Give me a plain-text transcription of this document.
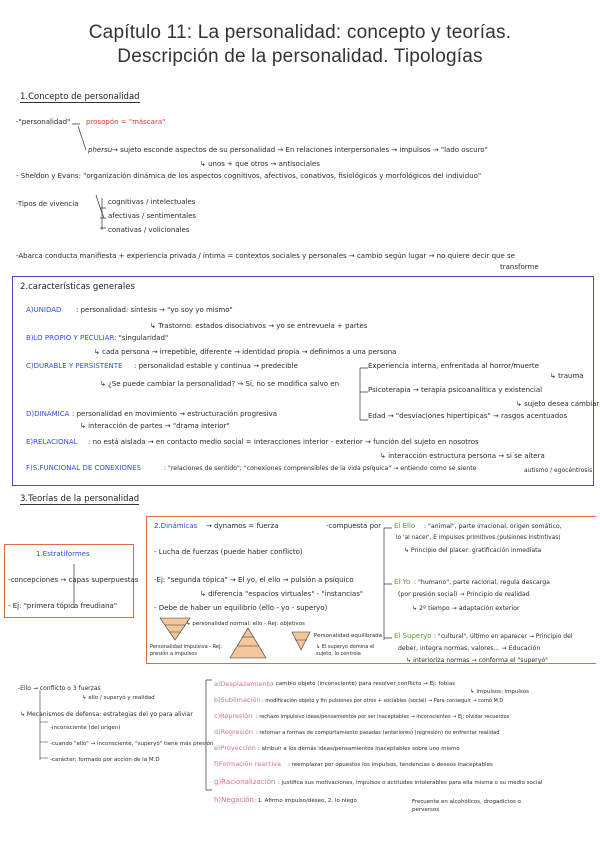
Capítulo 11: La personalidad: concepto y teorías.
Descripción de la personalidad. Tipologías
1.Concepto de personalidad
-"personalidad" prosopón = "máscara"
phersu → sujeto esconde aspectos de su personalidad → En relaciones interpersonales → impulsos → "lado oscuro"
↳ unos + que otros → antisociales
- Sheldon y Evans: "organización dinámica de los aspectos cognitivos, afectivos, conativos, fisiológicos y morfológicos del individuo"
-Tipos de vivencia	cognitivas / intelectuales
afectivas / sentimentales
conativas / volicionales
-Abarca conducta manifiesta + experiencia privada / íntima = contextos sociales y personales → cambio según lugar → no quiere decir que se
transforme
2.características generales
A)UNIDAD : personalidad: síntesis → "yo soy yo mismo"
↳ Trastorno: estados disociativos → yo se entrevuela + partes
B)LO PROPIO Y PECULIAR : "singularidad"
↳ cada persona → irrepetible, diferente → identidad propia → definimos a una persona
C)DURABLE Y PERSISTENTE : personalidad estable y continua → predecible
↳ ¿Se puede cambiar la personalidad? → Sí, no se modifica salvo en
Experiencia interna, enfrentada al horror/muerte
↳ trauma
Psicoterapia → terapia psicoanalítica y existencial
↳ sujeto desea cambiar
Edad → "desviaciones hipertípicas" → rasgos acentuados
D)DINÁMICA : personalidad en movimiento → estructuración progresiva
↳ interacción de partes → "drama interior"
E)RELACIONAL : no está aislada → en contacto medio social = interacciones interior - exterior → función del sujeto en nosotros
↳ interacción estructura persona → si se altera
F)S.FUNCIONAL DE CONEXIONES	: "relaciones de sentido"; "conexiones comprensibles de la vida psíquica" → entiendo como se siente	autismo / egocéntrosis
3.Teorías de la personalidad
1.Estratiformes
-concepciones → capas superpuestas
- Ej: "primera tópica freudiana"
2.Dinámicas → dynamos = fuerza	-compuesta por
- Lucha de fuerzas (puede haber conflicto)
-Ej: "segunda tópica" → El yo, el ello → pulsión a psíquico
↳ diferencia "espacios virtuales" - "instancias"
- Debe de haber un equilibrio (ello - yo - superyo)
↳ personalidad normal: ello - Rej: objetivos
Personalidad impulsiva - Rej: presión a impulsos
Personalidad equilibrada
↳ El superyo domina el sujeto, lo controla
El Ello : "animal", parte irracional, origen somático,
lo 'al nacer', E impulsos primitivos (pulsiones instintivas)
↳ Principio del placer: gratificación inmediata
El Yo : "humano", parte racional, regula descarga
(por presión social) → Principio de realidad
↳ 2º tiempo → adaptación exterior
El Superyo : "cultural", último en aparecer → Principio del
deber, integra normas, valores... → Educación
↳ interioriza normas → conforma el "superyó"
-Ello → conflicto o 3 fuerzas
↳ ello / superyó y realidad
↳ Mecanismos de defensa: estrategias del yo para aliviar
-inconsciente (del origen)
-cuando "ello" → inconsciente, "superyó" tiene más presión
-carácter: formado por acción de la M.D
a)Desplazamiento
: cambio objeto (inconsciente) para resolver conflicto → Ej: fobias
↳ Impulsos: impulsos
b)Sublimación : modificación objeto y fin pulsiones por otros + sociables (social) → Para conseguir → como M.D
c)Represión : rechazo impulsivo ideas/pensamientos por ser inaceptables → inconscientes → Ej: olvidar recuerdos
d)Regresión : retornar a formas de comportamiento pasadas (anteriores) (regresión) no enfrentar realidad
e)Proyección : atribuir a los demás ideas/pensamientos inaceptables sobre uno mismo
f)Formación reactiva : reemplazar por opuestos los impulsos, tendencias o deseos inaceptables
g)Racionalización : justifica sus motivaciones, impulsos o actitudes intolerables para ella misma o su medio social
h)Negación : 1. Afirmo impulso/deseo, 2. lo niego	Frecuente en alcohólicos, drogadictos o perversos
